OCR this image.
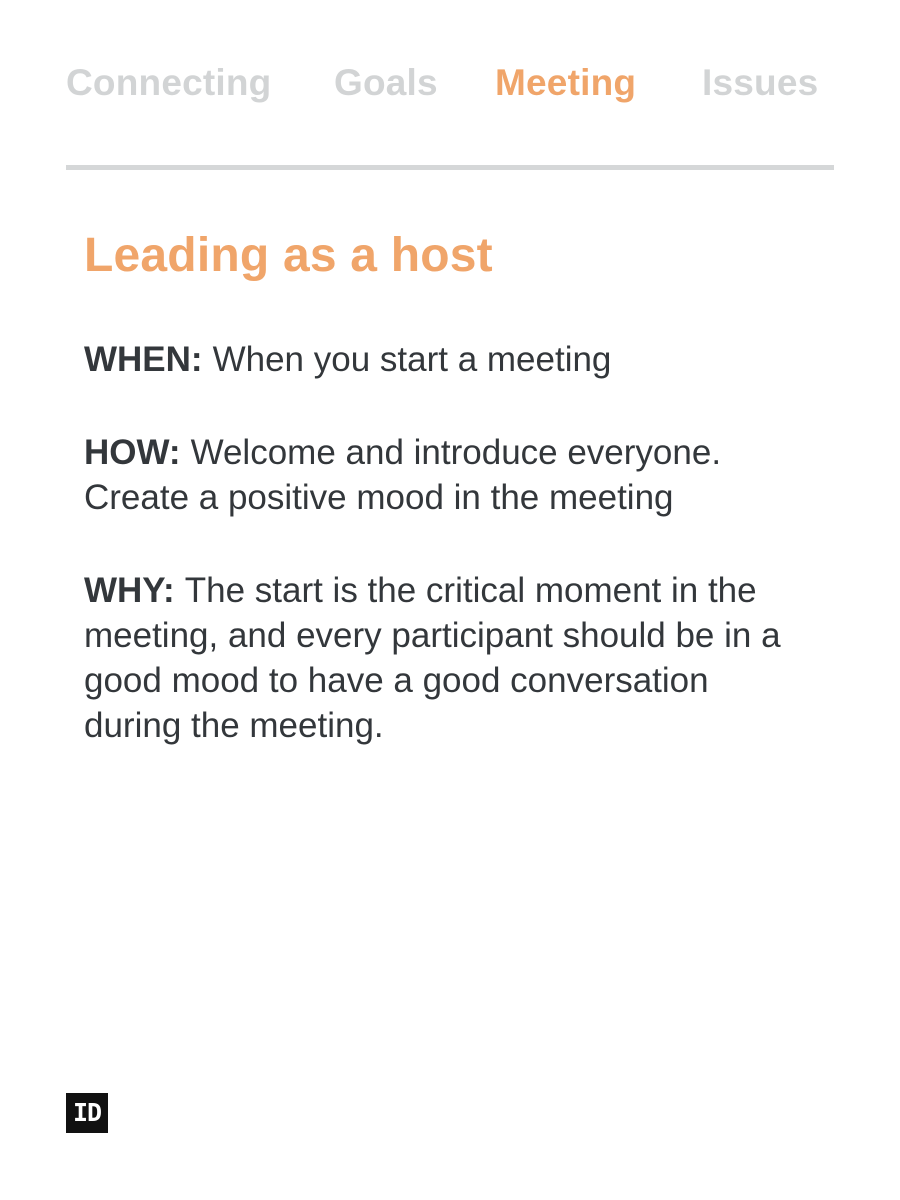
Connecting Goals Meeting Issues
Leading as a host
WHEN: When you start a meeting
HOW: Welcome and introduce everyone. Create a positive mood in the meeting
WHY: The start is the critical moment in the meeting, and every participant should be in a good mood to have a good conversation during the meeting.
ID
